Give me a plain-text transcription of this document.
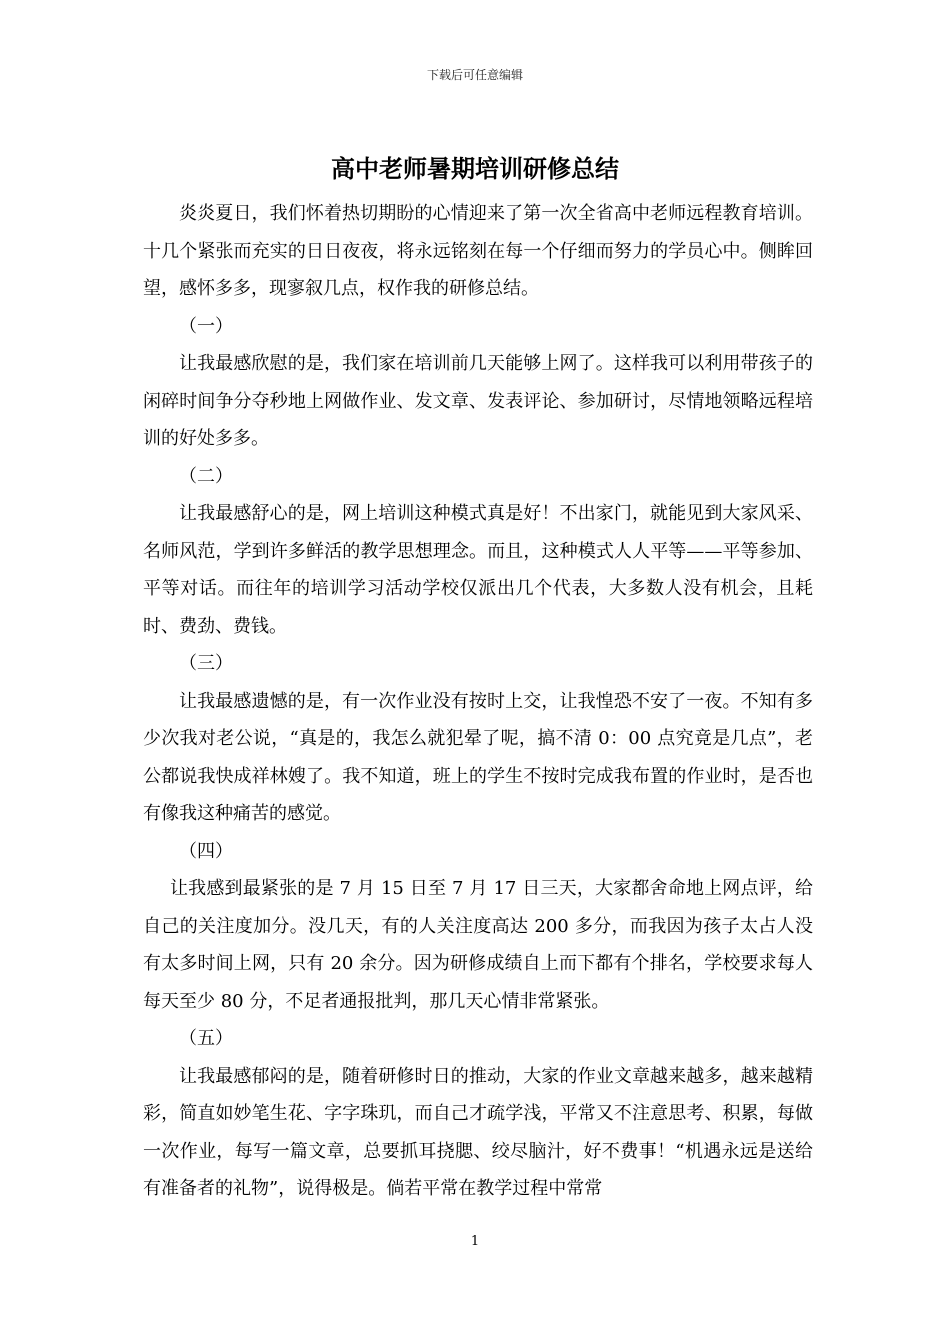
下载后可任意编辑
高中老师暑期培训研修总结

炎炎夏日，我们怀着热切期盼的心情迎来了第一次全省高中老师远程教育培训。十几个紧张而充实的日日夜夜，将永远铭刻在每一个仔细而努力的学员心中。侧眸回望，感怀多多，现寥叙几点，权作我的研修总结。

（一）

让我最感欣慰的是，我们家在培训前几天能够上网了。这样我可以利用带孩子的闲碎时间争分夺秒地上网做作业、发文章、发表评论、参加研讨，尽情地领略远程培训的好处多多。

（二）

让我最感舒心的是，网上培训这种模式真是好！不出家门，就能见到大家风采、名师风范，学到许多鲜活的教学思想理念。而且，这种模式人人平等——平等参加、平等对话。而往年的培训学习活动学校仅派出几个代表，大多数人没有机会，且耗时、费劲、费钱。

（三）

让我最感遗憾的是，有一次作业没有按时上交，让我惶恐不安了一夜。不知有多少次我对老公说，“真是的，我怎么就犯晕了呢，搞不清 0：00 点究竟是几点”，老公都说我快成祥林嫂了。我不知道，班上的学生不按时完成我布置的作业时，是否也有像我这种痛苦的感觉。

（四）

让我感到最紧张的是 7 月 15 日至 7 月 17 日三天，大家都舍命地上网点评，给自己的关注度加分。没几天，有的人关注度高达 200 多分，而我因为孩子太占人没有太多时间上网，只有 20 余分。因为研修成绩自上而下都有个排名，学校要求每人每天至少 80 分，不足者通报批判，那几天心情非常紧张。

（五）

让我最感郁闷的是，随着研修时日的推动，大家的作业文章越来越多，越来越精彩，简直如妙笔生花、字字珠玑，而自己才疏学浅，平常又不注意思考、积累，每做一次作业，每写一篇文章，总要抓耳挠腮、绞尽脑汁，好不费事！“机遇永远是送给有准备者的礼物”，说得极是。倘若平常在教学过程中常常

1
